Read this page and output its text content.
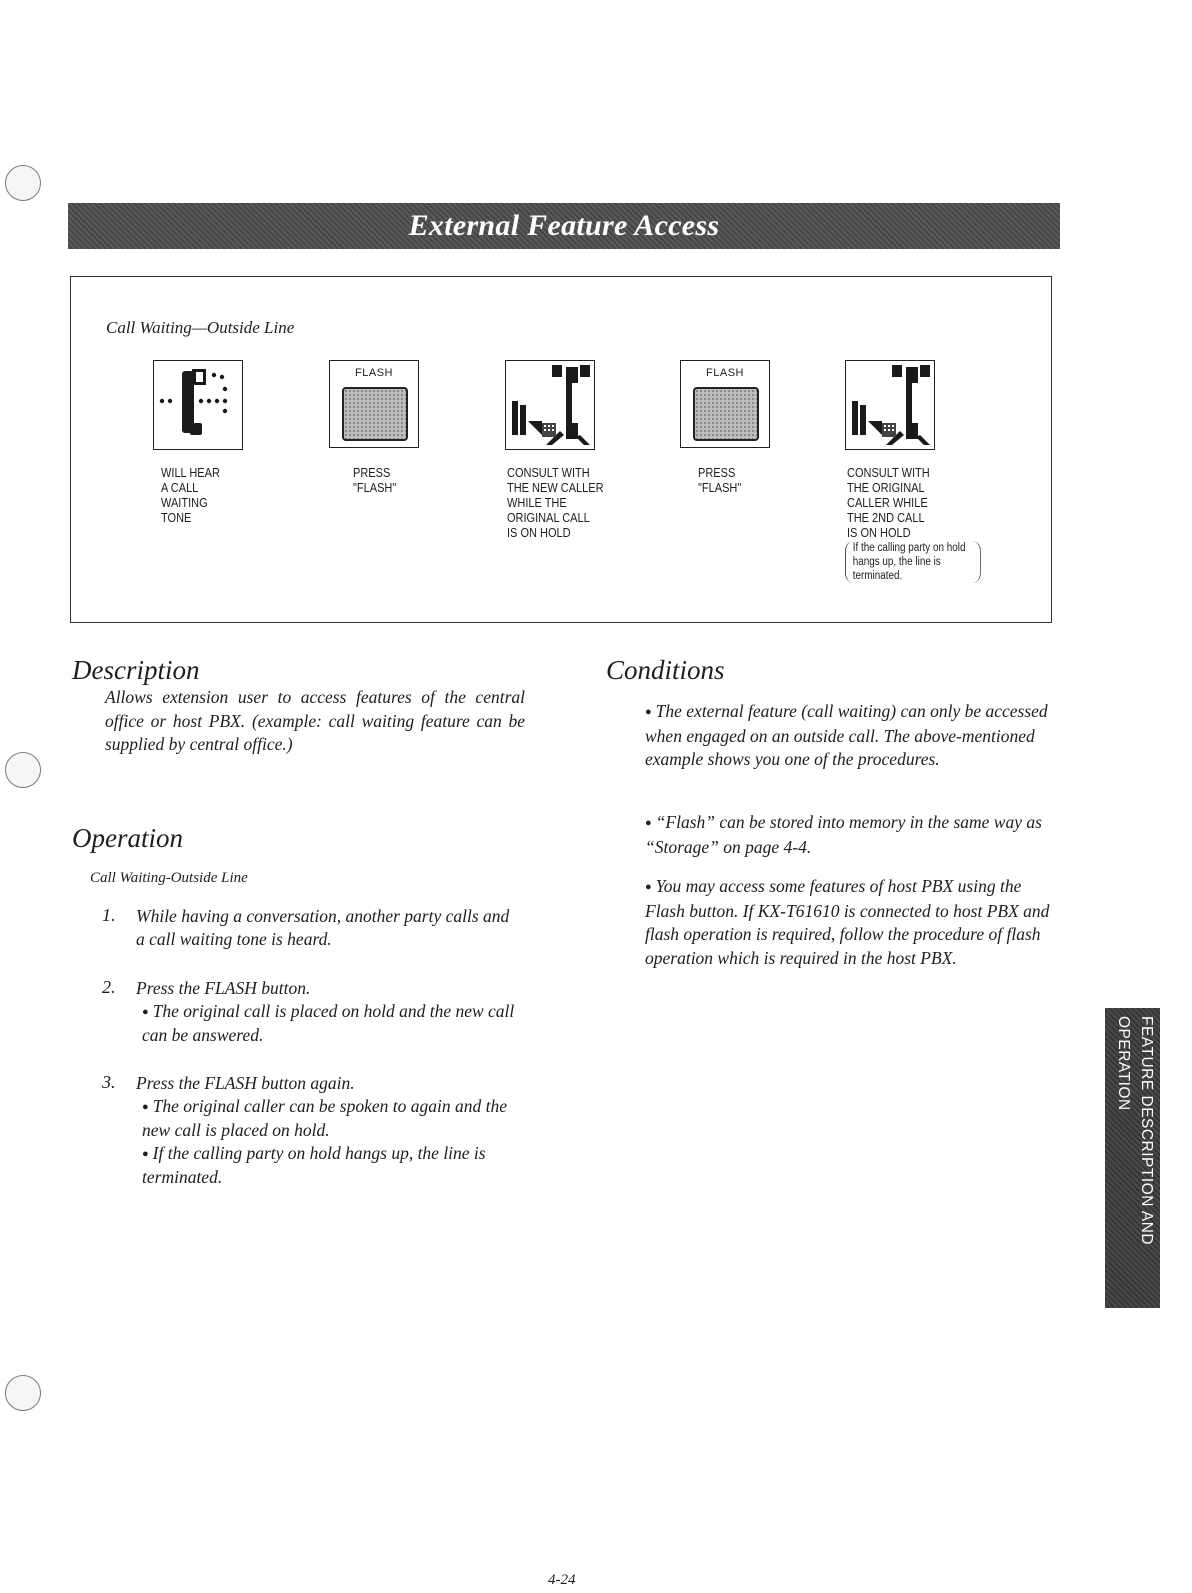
External Feature Access
Call Waiting—Outside Line
WILL HEAR
A CALL
WAITING
TONE
FLASH
PRESS
"FLASH"
CONSULT WITH
THE NEW CALLER
WHILE THE
ORIGINAL CALL
IS ON HOLD
FLASH
PRESS
"FLASH"
CONSULT WITH
THE ORIGINAL
CALLER WHILE
THE 2ND CALL
IS ON HOLD
If the calling party on hold hangs up, the line is terminated.
Description
Allows extension user to access features of the central office or host PBX. (example: call waiting feature can be supplied by central office.)
Operation
Call Waiting-Outside Line
1. While having a conversation, another party calls and a call waiting tone is heard.
2. Press the FLASH button.
● The original call is placed on hold and the new call can be answered.
3. Press the FLASH button again.
● The original caller can be spoken to again and the new call is placed on hold.
● If the calling party on hold hangs up, the line is terminated.
Conditions
● The external feature (call waiting) can only be accessed when engaged on an outside call. The above-mentioned example shows you one of the procedures.
● “Flash” can be stored into memory in the same way as “Storage” on page 4-4.
● You may access some features of host PBX using the Flash button. If KX-T61610 is connected to host PBX and flash operation is required, follow the procedure of flash operation which is required in the host PBX.
FEATURE DESCRIPTION AND OPERATION
4-24
